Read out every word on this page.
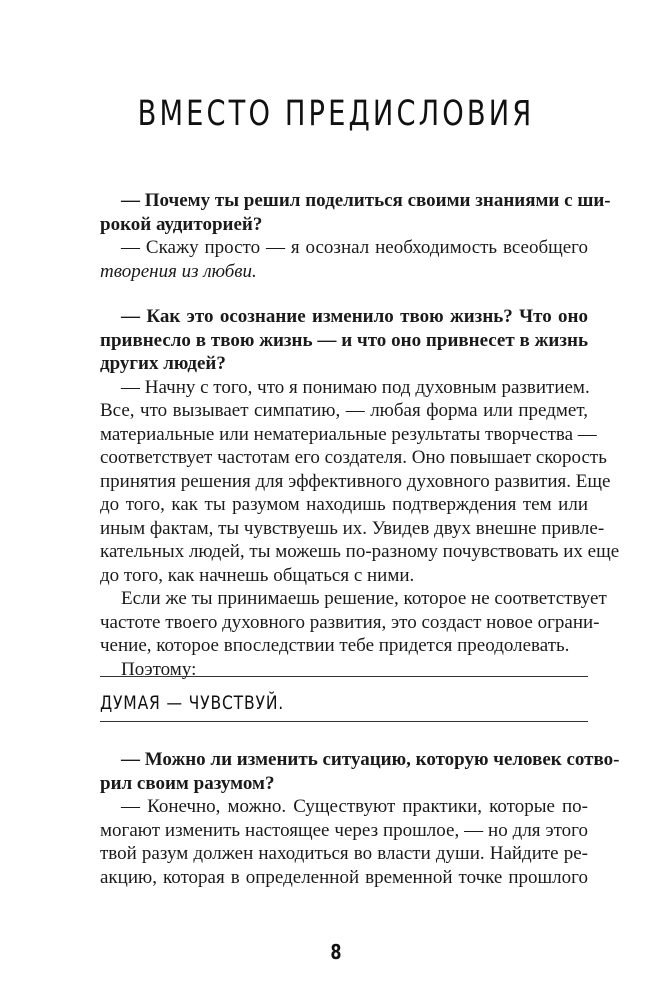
ВМЕСТО ПРЕДИСЛОВИЯ
— Почему ты решил поделиться своими знаниями с ши-
рокой аудиторией?
— Скажу просто — я осознал необходимость всеобщего
творения из любви.
— Как это осознание изменило твою жизнь? Что оно
привнесло в твою жизнь — и что оно привнесет в жизнь
других людей?
— Начну с того, что я понимаю под духовным развитием.
Все, что вызывает симпатию, — любая форма или предмет,
материальные или нематериальные результаты творчества —
соответствует частотам его создателя. Оно повышает скорость
принятия решения для эффективного духовного развития. Еще
до того, как ты разумом находишь подтверждения тем или
иным фактам, ты чувствуешь их. Увидев двух внешне привле-
кательных людей, ты можешь по-разному почувствовать их еще
до того, как начнешь общаться с ними.
Если же ты принимаешь решение, которое не соответствует
частоте твоего духовного развития, это создаст новое ограни-
чение, которое впоследствии тебе придется преодолевать.
Поэтому:
ДУМАЯ — ЧУВСТВУЙ.
— Можно ли изменить ситуацию, которую человек сотво-
рил своим разумом?
— Конечно, можно. Существуют практики, которые по-
могают изменить настоящее через прошлое, — но для этого
твой разум должен находиться во власти души. Найдите ре-
акцию, которая в определенной временной точке прошлого
8
